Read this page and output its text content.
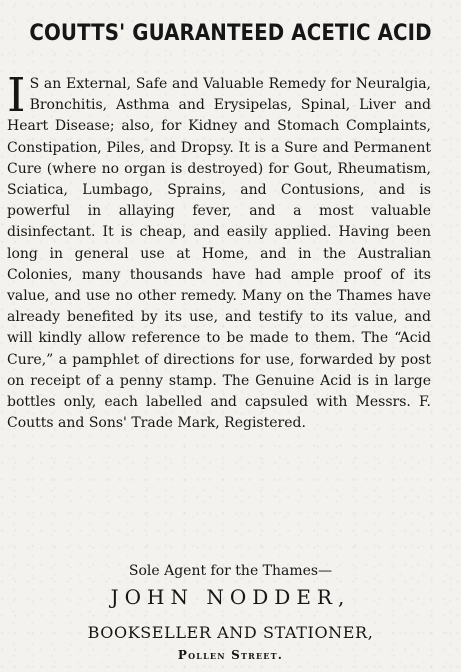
COUTTS' GUARANTEED ACETIC ACID
I S an External, Safe and Valuable Remedy for Neuralgia, Bronchitis, Asthma and Erysipelas, Spinal, Liver and Heart Disease; also, for Kidney and Stomach Complaints, Constipation, Piles, and Dropsy. It is a Sure and Permanent Cure (where no organ is destroyed) for Gout, Rheumatism, Sciatica, Lumbago, Sprains, and Contusions, and is powerful in allaying fever, and a most valuable disinfectant. It is cheap, and easily applied. Having been long in general use at Home, and in the Australian Colonies, many thousands have had ample proof of its value, and use no other remedy. Many on the Thames have already benefited by its use, and testify to its value, and will kindly allow reference to be made to them. The “Acid Cure,” a pamphlet of directions for use, forwarded by post on receipt of a penny stamp. The Genuine Acid is in large bottles only, each labelled and capsuled with Messrs. F. Coutts and Sons' Trade Mark, Registered.
Sole Agent for the Thames—
JOHN NODDER,
BOOKSELLER AND STATIONER,
Pollen Street.
